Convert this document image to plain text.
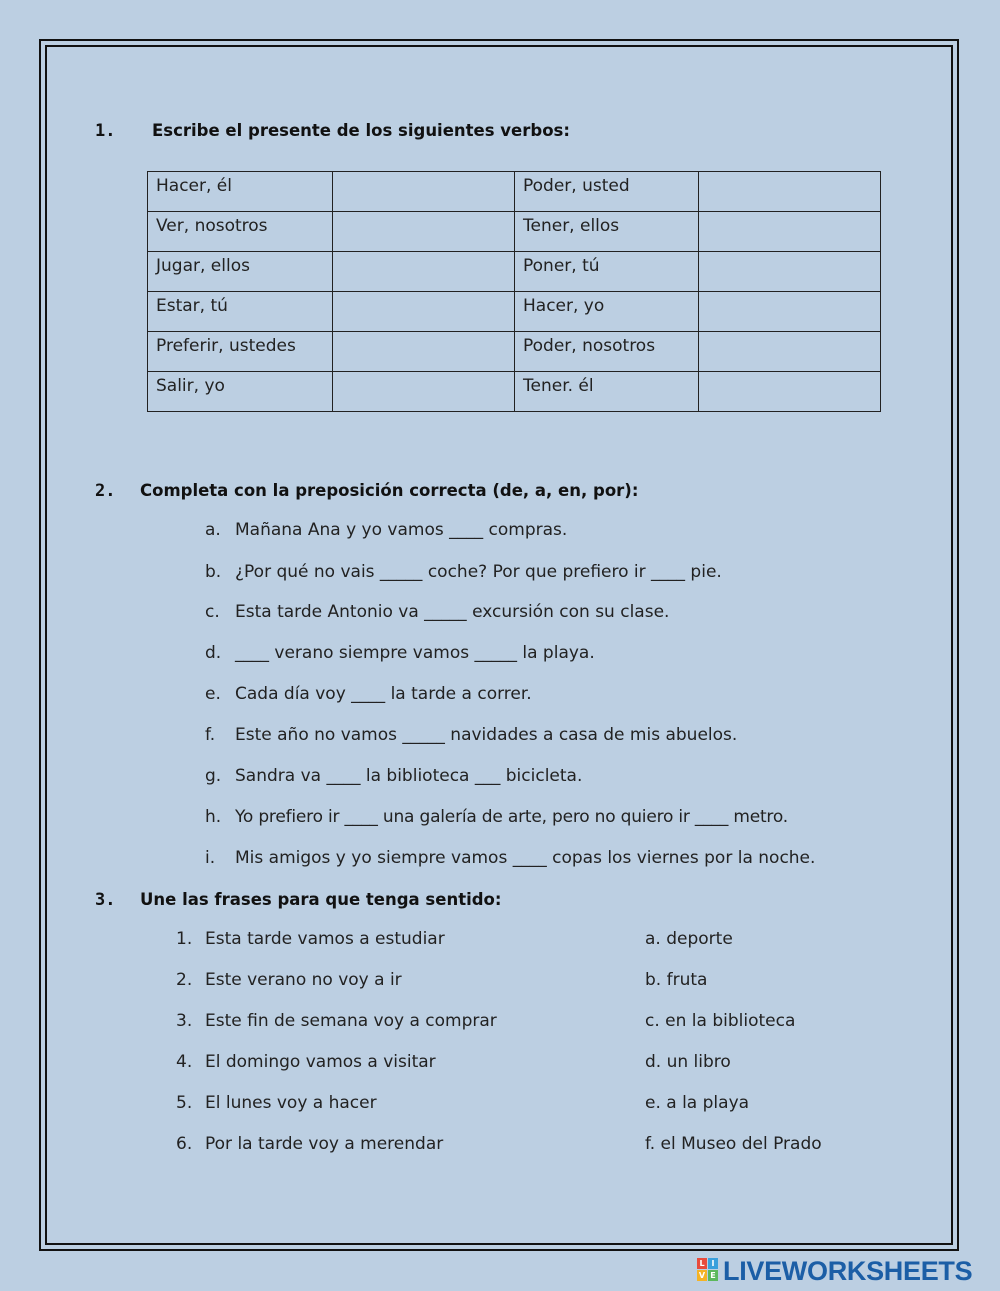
1. Escribe el presente de los siguientes verbos:
Hacer, él		Poder, usted	
Ver, nosotros		Tener, ellos	
Jugar, ellos		Poner, tú	
Estar, tú		Hacer, yo	
Preferir, ustedes		Poder, nosotros	
Salir, yo		Tener. él	
2. Completa con la preposición correcta (de, a, en, por):
a. Mañana Ana y yo vamos ____ compras.
b. ¿Por qué no vais _____ coche? Por que prefiero ir ____ pie.
c. Esta tarde Antonio va _____ excursión con su clase.
d. ____ verano siempre vamos _____ la playa.
e. Cada día voy ____ la tarde a correr.
f. Este año no vamos _____ navidades a casa de mis abuelos.
g. Sandra va ____ la biblioteca ___ bicicleta.
h. Yo prefiero ir ____ una galería de arte, pero no quiero ir ____ metro.
i. Mis amigos y yo siempre vamos ____ copas los viernes por la noche.
3. Une las frases para que tenga sentido:
1. Esta tarde vamos a estudiar
2. Este verano no voy a ir
3. Este fin de semana voy a comprar
4. El domingo vamos a visitar
5. El lunes voy a hacer
6. Por la tarde voy a merendar
a. deporte
b. fruta
c. en la biblioteca
d. un libro
e. a la playa
f. el Museo del Prado
L I
V E LIVEWORKSHEETS
